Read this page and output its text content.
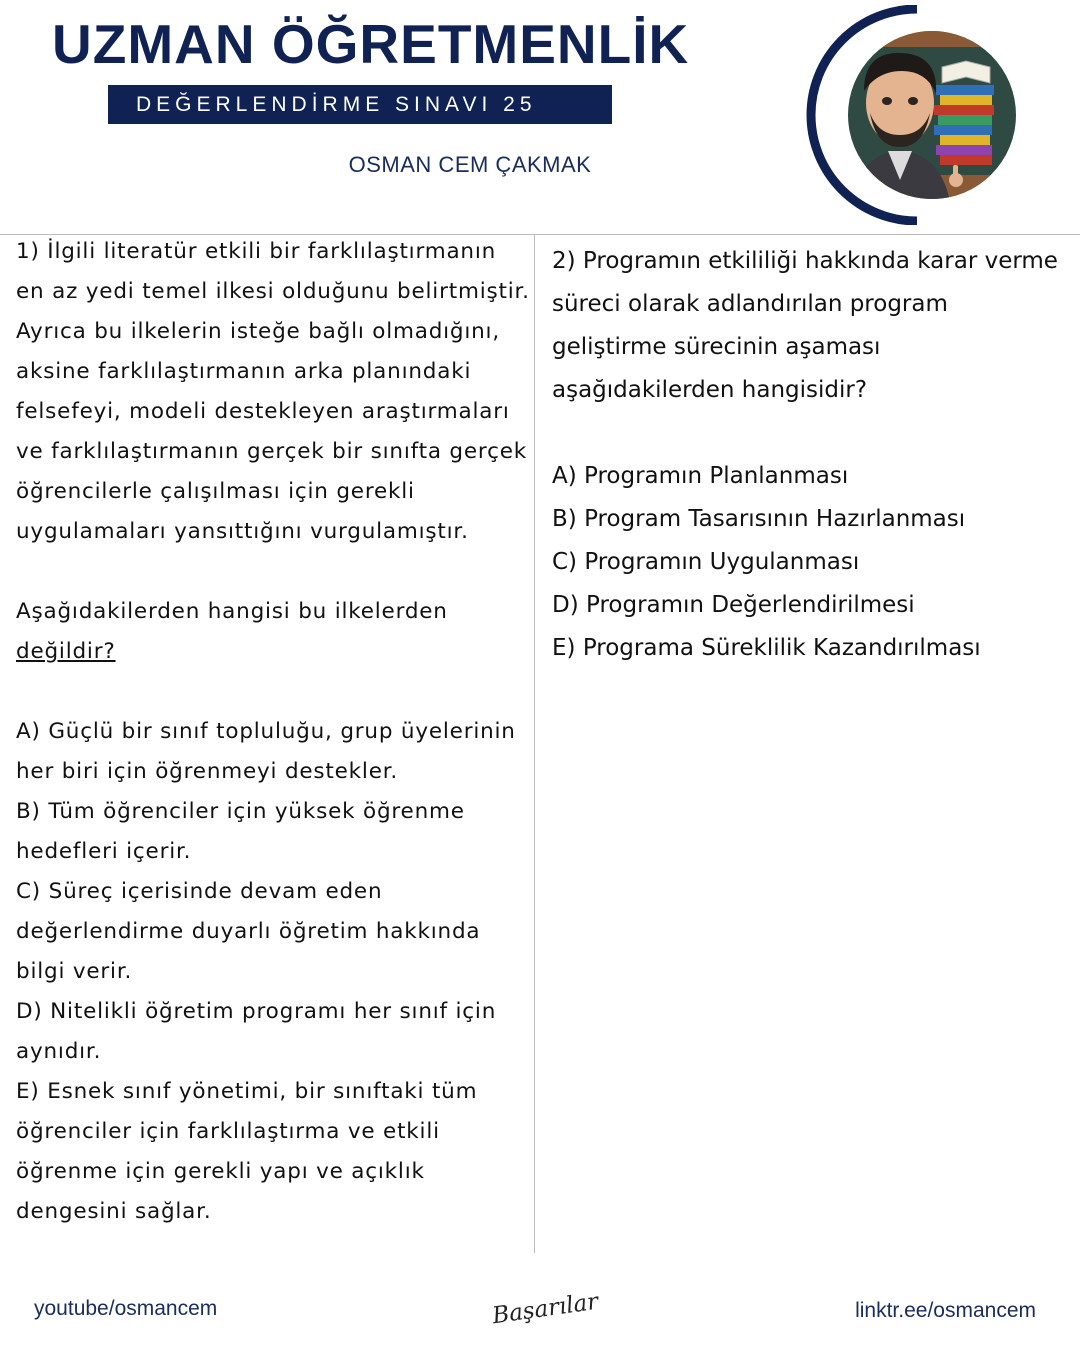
UZMAN ÖĞRETMENLİK
DEĞERLENDİRME SINAVI 25
OSMAN CEM ÇAKMAK

1) İlgili literatür etkili bir farklılaştırmanın en az yedi temel ilkesi olduğunu belirtmiştir. Ayrıca bu ilkelerin isteğe bağlı olmadığını, aksine farklılaştırmanın arka planındaki felsefeyi, modeli destekleyen araştırmaları ve farklılaştırmanın gerçek bir sınıfta gerçek öğrencilerle çalışılması için gerekli uygulamaları yansıttığını vurgulamıştır.

Aşağıdakilerden hangisi bu ilkelerden değildir?

A) Güçlü bir sınıf topluluğu, grup üyelerinin her biri için öğrenmeyi destekler.

B) Tüm öğrenciler için yüksek öğrenme hedefleri içerir.

C) Süreç içerisinde devam eden değerlendirme duyarlı öğretim hakkında bilgi verir.

D) Nitelikli öğretim programı her sınıf için aynıdır.

E) Esnek sınıf yönetimi, bir sınıftaki tüm öğrenciler için farklılaştırma ve etkili öğrenme için gerekli yapı ve açıklık dengesini sağlar.

2) Programın etkililiği hakkında karar verme süreci olarak adlandırılan program geliştirme sürecinin aşaması aşağıdakilerden hangisidir?

A) Programın Planlanması

B) Program Tasarısının Hazırlanması

C) Programın Uygulanması

D) Programın Değerlendirilmesi

E) Programa Süreklilik Kazandırılması

youtube/osmancem	Başarılar	linktr.ee/osmancem
